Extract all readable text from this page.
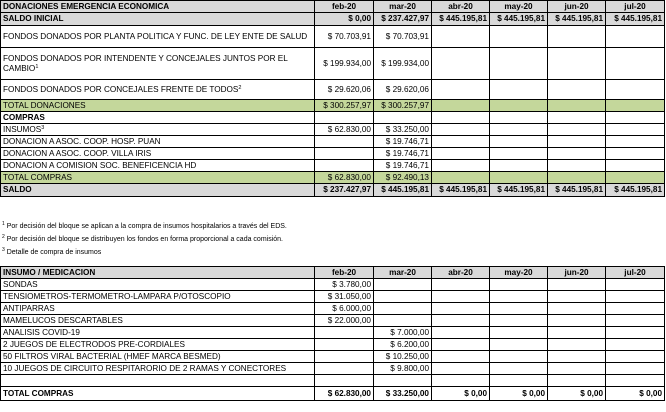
DONACIONES EMERGENCIA ECONOMICA	feb-20	mar-20	abr-20	may-20	jun-20	jul-20
SALDO INICIAL	$ 0,00	$ 237.427,97	$ 445.195,81	$ 445.195,81	$ 445.195,81	$ 445.195,81
FONDOS DONADOS POR PLANTA POLITICA Y FUNC. DE LEY ENTE DE SALUD	$ 70.703,91	$ 70.703,91				
FONDOS DONADOS POR INTENDENTE Y CONCEJALES JUNTOS POR EL
CAMBIO$^1$	$ 199.934,00	$ 199.934,00				
FONDOS DONADOS POR CONCEJALES FRENTE DE TODOS$^2$	$ 29.620,06	$ 29.620,06				
TOTAL DONACIONES	$ 300.257,97	$ 300.257,97				
COMPRAS						
INSUMOS$^3$	$ 62.830,00	$ 33.250,00				
DONACION A ASOC. COOP. HOSP. PUAN		$ 19.746,71				
DONACION A ASOC. COOP. VILLA IRIS		$ 19.746,71				
DONACION A COMISION SOC. BENEFICENCIA HD		$ 19.746,71				
TOTAL COMPRAS	$ 62.830,00	$ 92.490,13				
SALDO	$ 237.427,97	$ 445.195,81	$ 445.195,81	$ 445.195,81	$ 445.195,81	$ 445.195,81
$^1$ Por decisión del bloque se aplican a la compra de insumos hospitalarios a través del EDS.
$^2$ Por decisión del bloque se distribuyen los fondos en forma proporcional a cada comisión.
$^3$ Detalle de compra de insumos
INSUMO / MEDICACION	feb-20	mar-20	abr-20	may-20	jun-20	jul-20
SONDAS	$ 3.780,00					
TENSIOMETROS-TERMOMETRO-LAMPARA P/OTOSCOPIO	$ 31.050,00					
ANTIPARRAS	$ 6.000,00					
MAMELUCOS DESCARTABLES	$ 22.000,00					
ANALISIS COVID-19		$ 7.000,00				
2 JUEGOS DE ELECTRODOS PRE-CORDIALES		$ 6.200,00				
50 FILTROS VIRAL BACTERIAL (HMEF MARCA BESMED)		$ 10.250,00				
10 JUEGOS DE CIRCUITO RESPITARORIO DE 2 RAMAS Y CONECTORES		$ 9.800,00				

TOTAL COMPRAS	$ 62.830,00	$ 33.250,00	$ 0,00	$ 0,00	$ 0,00	$ 0,00
